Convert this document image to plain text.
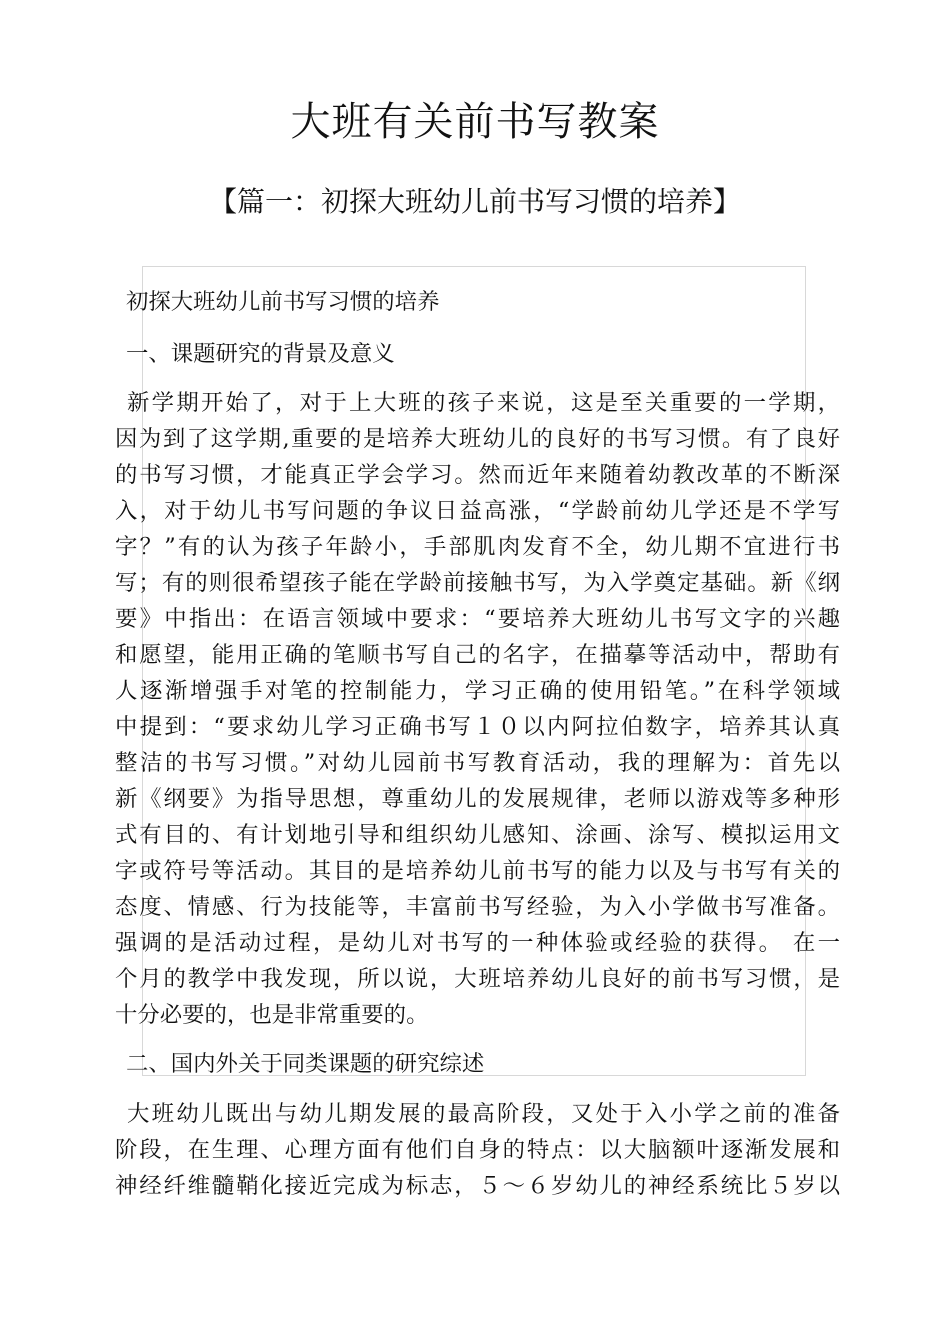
大班有关前书写教案
【篇一：初探大班幼儿前书写习惯的培养】
初探大班幼儿前书写习惯的培养
一、课题研究的背景及意义
新学期开始了，对于上大班的孩子来说，这是至关重要的一学期，
因为到了这学期,重要的是培养大班幼儿的良好的书写习惯。有了良好
的书写习惯，才能真正学会学习。然而近年来随着幼教改革的不断深
入，对于幼儿书写问题的争议日益高涨，“学龄前幼儿学还是不学写
字？”有的认为孩子年龄小，手部肌肉发育不全，幼儿期不宜进行书
写；有的则很希望孩子能在学龄前接触书写，为入学奠定基础。新《纲
要》中指出：在语言领域中要求：“要培养大班幼儿书写文字的兴趣
和愿望，能用正确的笔顺书写自己的名字，在描摹等活动中，帮助有
人逐渐增强手对笔的控制能力，学习正确的使用铅笔。”在科学领域
中提到：“要求幼儿学习正确书写１０以内阿拉伯数字，培养其认真
整洁的书写习惯。”对幼儿园前书写教育活动，我的理解为：首先以
新《纲要》为指导思想，尊重幼儿的发展规律，老师以游戏等多种形
式有目的、有计划地引导和组织幼儿感知、涂画、涂写、模拟运用文
字或符号等活动。其目的是培养幼儿前书写的能力以及与书写有关的
态度、情感、行为技能等，丰富前书写经验，为入小学做书写准备。
强调的是活动过程，是幼儿对书写的一种体验或经验的获得。 在一
个月的教学中我发现，所以说，大班培养幼儿良好的前书写习惯，是
十分必要的，也是非常重要的。
二、国内外关于同类课题的研究综述
大班幼儿既出与幼儿期发展的最高阶段，又处于入小学之前的准备
阶段，在生理、心理方面有他们自身的特点：以大脑额叶逐渐发展和
神经纤维髓鞘化接近完成为标志，５～６岁幼儿的神经系统比５岁以
